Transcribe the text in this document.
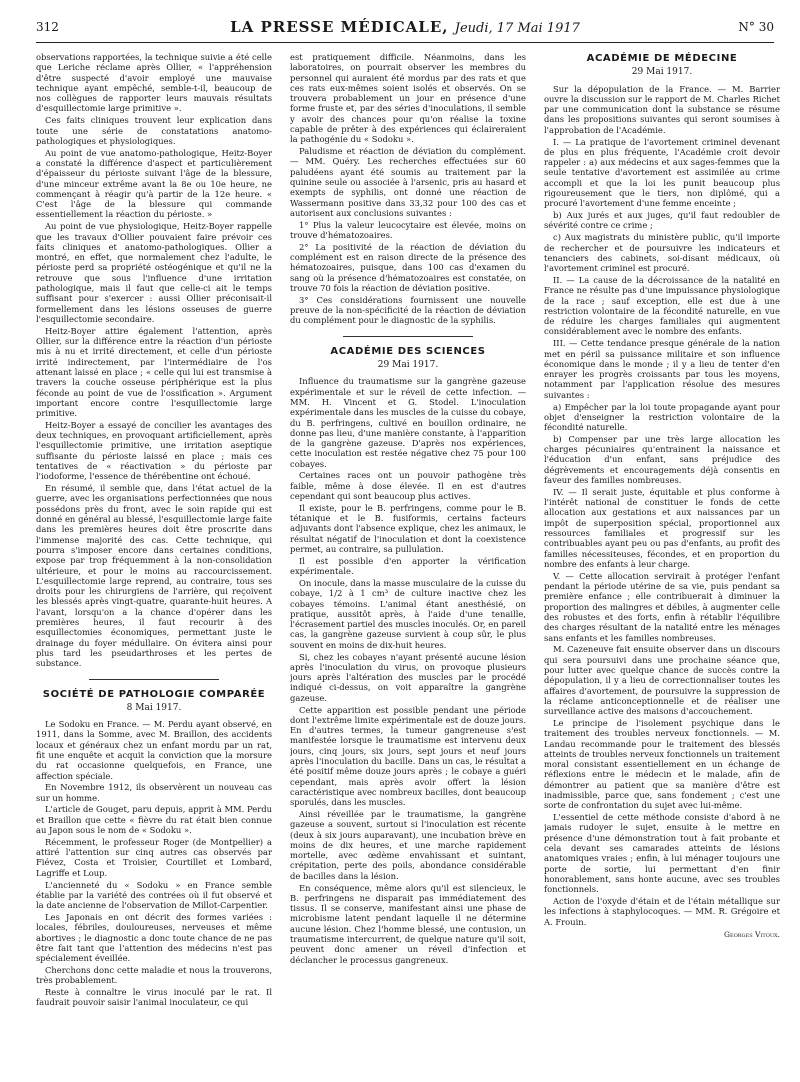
312	LA PRESSE MÉDICALE, Jeudi, 17 Mai 1917	N° 30

observations rapportées, la technique suivie a été celle que Leriche réclame après Ollier, « l'appréhension d'être suspecté d'avoir employé une mauvaise technique ayant empêché, semble-t-il, beaucoup de nos collègues de rapporter leurs mauvais résultats d'esquillectomie large primitive ».

Ces faits cliniques trouvent leur explication dans toute une série de constatations anatomo-pathologiques et physiologiques.

Au point de vue anatomo-pathologique, Heitz-Boyer a constaté la différence d'aspect et particulièrement d'épaisseur du périoste suivant l'âge de la blessure, d'une minceur extrême avant la 8e ou 10e heure, ne commençant à réagir qu'à partir de la 12e heure. « C'est l'âge de la blessure qui commande essentiellement la réaction du périoste. »

Au point de vue physiologique, Heitz-Boyer rappelle que les travaux d'Ollier pouvaient faire prévoir ces faits cliniques et anatomo-pathologiques. Ollier a montré, en effet, que normalement chez l'adulte, le périoste perd sa propriété ostéogénique et qu'il ne la retrouve que sous l'influence d'une irritation pathologique, mais il faut que celle-ci ait le temps suffisant pour s'exercer : aussi Ollier préconisait-il formellement dans les lésions osseuses de guerre l'esquillectomie secondaire.

Heitz-Boyer attire également l'attention, après Ollier, sur la différence entre la réaction d'un périoste mis à nu et irrité directement, et celle d'un périoste irrité indirectement, par l'intermédiaire de l'os attenant laissé en place ; « celle qui lui est transmise à travers la couche osseuse périphérique est la plus féconde au point de vue de l'ossification ». Argument important encore contre l'esquillectomie large primitive.

Heitz-Boyer a essayé de concilier les avantages des deux techniques, en provoquant artificiellement, après l'esquillectomie primitive, une irritation aseptique suffisante du périoste laissé en place ; mais ces tentatives de « réactivation » du périoste par l'iodoforme, l'essence de thérébentine ont échoué.

En résumé, il semble que, dans l'état actuel de la guerre, avec les organisations perfectionnées que nous possédons près du front, avec le soin rapide qui est donné en général au blessé, l'esquillectomie large faite dans les premières heures doit être proscrite dans l'immense majorité des cas. Cette technique, qui pourra s'imposer encore dans certaines conditions, expose par trop fréquemment à la non-consolidation ultérieure, et pour le moins au raccourcissement. L'esquillectomie large reprend, au contraire, tous ses droits pour les chirurgiens de l'arrière, qui reçoivent les blessés après vingt-quatre, quarante-huit heures. A l'avant, lorsqu'on a la chance d'opérer dans les premières heures, il faut recourir à des esquillectomies économiques, permettant juste le drainage du foyer médullaire. On évitera ainsi pour plus tard les pseudarthroses et les pertes de substance.

SOCIÉTÉ DE PATHOLOGIE COMPARÉE

8 Mai 1917.

Le Sodoku en France. — M. Perdu ayant observé, en 1911, dans la Somme, avec M. Braillon, des accidents locaux et généraux chez un enfant mordu par un rat, fit une enquête et acquit la conviction que la morsure du rat occasionne quelquefois, en France, une affection spéciale.

En Novembre 1912, ils observèrent un nouveau cas sur un homme.

L'article de Gouget, paru depuis, apprit à MM. Perdu et Braillon que cette « fièvre du rat était bien connue au Japon sous le nom de « Sodoku ».

Récemment, le professeur Roger (de Montpellier) a attiré l'attention sur cinq autres cas observés par Fiévez, Costa et Troisier, Courtillet et Lombard, Lagriffe et Loup.

L'ancienneté du « Sodoku » en France semble établie par la variété des contrées où il fut observé et la date ancienne de l'observation de Millot-Carpentier.

Les Japonais en ont décrit des formes variées : locales, fébriles, douloureuses, nerveuses et même abortives ; le diagnostic a donc toute chance de ne pas être fait tant que l'attention des médecins n'est pas spécialement éveillée.

Cherchons donc cette maladie et nous la trouverons, très probablement.

Reste à connaître le virus inoculé par le rat. Il faudrait pouvoir saisir l'animal inoculateur, ce qui

est pratiquement difficile. Néanmoins, dans les laboratoires, on pourrait observer les membres du personnel qui auraient été mordus par des rats et que ces rats eux-mêmes soient isolés et observés. On se trouvera probablement un jour en présence d'une forme fruste et, par des séries d'inoculations, il semble y avoir des chances pour qu'on réalise la toxine capable de prêter à des expériences qui éclaireraient la pathogénie du « Sodoku ».

Paludisme et réaction de déviation du complément. — MM. Quéry. Les recherches effectuées sur 60 paludéens ayant été soumis au traitement par la quinine seule ou associée à l'arsenic, pris au hasard et exempts de syphilis, ont donné une réaction de Wassermann positive dans 33,32 pour 100 des cas et autorisent aux conclusions suivantes :

1° Plus la valeur leucocytaire est élevée, moins on trouve d'hématozoaires.

2° La positivité de la réaction de déviation du complément est en raison directe de la présence des hématozoaires, puisque, dans 100 cas d'examen du sang où la présence d'hématozoaires est constatée, on trouve 70 fois la réaction de déviation positive.

3° Ces considérations fournissent une nouvelle preuve de la non-spécificité de la réaction de déviation du complément pour le diagnostic de la syphilis.

ACADÉMIE DES SCIENCES

29 Mai 1917.

Influence du traumatisme sur la gangrène gazeuse expérimentale et sur le réveil de cette infection. — MM. H. Vincent et G. Stodel. L'inoculation expérimentale dans les muscles de la cuisse du cobaye, du B. perfringens, cultivé en bouillon ordinaire, ne donne pas lieu, d'une manière constante, à l'apparition de la gangrène gazeuse. D'après nos expériences, cette inoculation est restée négative chez 75 pour 100 cobayes.

Certaines races ont un pouvoir pathogène très faible, même à dose élevée. Il en est d'autres cependant qui sont beaucoup plus actives.

Il existe, pour le B. perfringens, comme pour le B. tétanique et le B. fusiformis, certains facteurs adjuvants dont l'absence explique, chez les animaux, le résultat négatif de l'inoculation et dont la coexistence permet, au contraire, sa pullulation.

Il est possible d'en apporter la vérification expérimentale.

On inocule, dans la masse musculaire de la cuisse du cobaye, 1/2 à 1 cm³ de culture inactive chez les cobayes témoins. L'animal étant anesthésié, on pratique, aussitôt après, à l'aide d'une tenaille, l'écrasement partiel des muscles inoculés. Or, en pareil cas, la gangrène gazeuse survient à coup sûr, le plus souvent en moins de dix-huit heures.

Si, chez les cobayes n'ayant présenté aucune lésion après l'inoculation du virus, on provoque plusieurs jours après l'altération des muscles par le procédé indiqué ci-dessus, on voit apparaître la gangrène gazeuse.

Cette apparition est possible pendant une période dont l'extrême limite expérimentale est de douze jours. En d'autres termes, la tumeur gangreneuse s'est manifestée lorsque le traumatisme est intervenu deux jours, cinq jours, six jours, sept jours et neuf jours après l'inoculation du bacille. Dans un cas, le résultat a été positif même douze jours après ; le cobaye a guéri cependant, mais après avoir offert la lésion caractéristique avec nombreux bacilles, dont beaucoup sporulés, dans les muscles.

Ainsi réveillée par le traumatisme, la gangrène gazeuse a souvent, surtout si l'inoculation est récente (deux à six jours auparavant), une incubation brève en moins de dix heures, et une marche rapidement mortelle, avec œdème envahissant et suintant, crépitation, perte des poils, abondance considérable de bacilles dans la lésion.

En conséquence, même alors qu'il est silencieux, le B. perfringens ne disparait pas immédiatement des tissus. Il se conserve, manifestant ainsi une phase de microbisme latent pendant laquelle il ne détermine aucune lésion. Chez l'homme blessé, une contusion, un traumatisme intercurrent, de quelque nature qu'il soit, peuvent donc amener un réveil d'infection et déclancher le processus gangreneux.

ACADÉMIE DE MÉDECINE

29 Mai 1917.

Sur la dépopulation de la France. — M. Barrier ouvre la discussion sur le rapport de M. Charles Richet par une communication dont la substance se résume dans les propositions suivantes qui seront soumises à l'approbation de l'Académie.

I. — La pratique de l'avortement criminel devenant de plus en plus fréquente, l'Académie croit devoir rappeler : a) aux médecins et aux sages-femmes que la seule tentative d'avortement est assimilée au crime accompli et que la loi les punit beaucoup plus rigoureusement que le tiers, non diplômé, qui a procuré l'avortement d'une femme enceinte ;

b) Aux jurés et aux juges, qu'il faut redoubler de sévérité contre ce crime ;

c) Aux magistrats du ministère public, qu'il importe de rechercher et de poursuivre les indicateurs et tenanciers des cabinets, soi-disant médicaux, où l'avortement criminel est procuré.

II. — La cause de la décroissance de la natalité en France ne résulte pas d'une impuissance physiologique de la race ; sauf exception, elle est due à une restriction volontaire de la fécondité naturelle, en vue de réduire les charges familiales qui augmentent considérablement avec le nombre des enfants.

III. — Cette tendance presque générale de la nation met en péril sa puissance militaire et son influence économique dans le monde ; il y a lieu de tenter d'en enrayer les progrès croissants par tous les moyens, notamment par l'application résolue des mesures suivantes :

a) Empêcher par la loi toute propagande ayant pour objet d'enseigner la restriction volontaire de la fécondité naturelle.

b) Compenser par une très large allocation les charges pécuniaires qu'entrainent la naissance et l'éducation d'un enfant, sans préjudice des dégrèvements et encouragements déjà consentis en faveur des familles nombreuses.

IV. — Il serait juste, équitable et plus conforme à l'intérêt national de constituer le fonds de cette allocation aux gestations et aux naissances par un impôt de superposition spécial, proportionnel aux ressources familiales et progressif sur les contribuables ayant peu ou pas d'enfants, au profit des familles nécessiteuses, fécondes, et en proportion du nombre des enfants à leur charge.

V. — Cette allocation servirait à protéger l'enfant pendant la période utérine de sa vie, puis pendant sa première enfance ; elle contribuerait à diminuer la proportion des malingres et débiles, à augmenter celle des robustes et des forts, enfin à rétablir l'équilibre des charges résultant de la natalité entre les ménages sans enfants et les familles nombreuses.

M. Cazeneuve fait ensuite observer dans un discours qui sera poursuivi dans une prochaine séance que, pour lutter avec quelque chance de succès contre la dépopulation, il y a lieu de correctionnaliser toutes les affaires d'avortement, de poursuivre la suppression de la réclame anticonceptionnelle et de réaliser une surveillance active des maisons d'accouchement.

Le principe de l'isolement psychique dans le traitement des troubles nerveux fonctionnels. — M. Landau recommande pour le traitement des blessés atteints de troubles nerveux fonctionnels un traitement moral consistant essentiellement en un échange de réflexions entre le médecin et le malade, afin de démontrer au patient que sa manière d'être est inadmissible, parce que, sans fondement ; c'est une sorte de confrontation du sujet avec lui-même.

L'essentiel de cette méthode consiste d'abord à ne jamais rudoyer le sujet, ensuite à le mettre en présence d'une démonstration tout à fait probante et cela devant ses camarades atteints de lésions anatomiques vraies ; enfin, à lui ménager toujours une porte de sortie, lui permettant d'en finir honorablement, sans honte aucune, avec ses troubles fonctionnels.

Action de l'oxyde d'étain et de l'étain métallique sur les infections à staphylocoques. — MM. R. Grégoire et A. Frouin.

Georges Vitoux.
